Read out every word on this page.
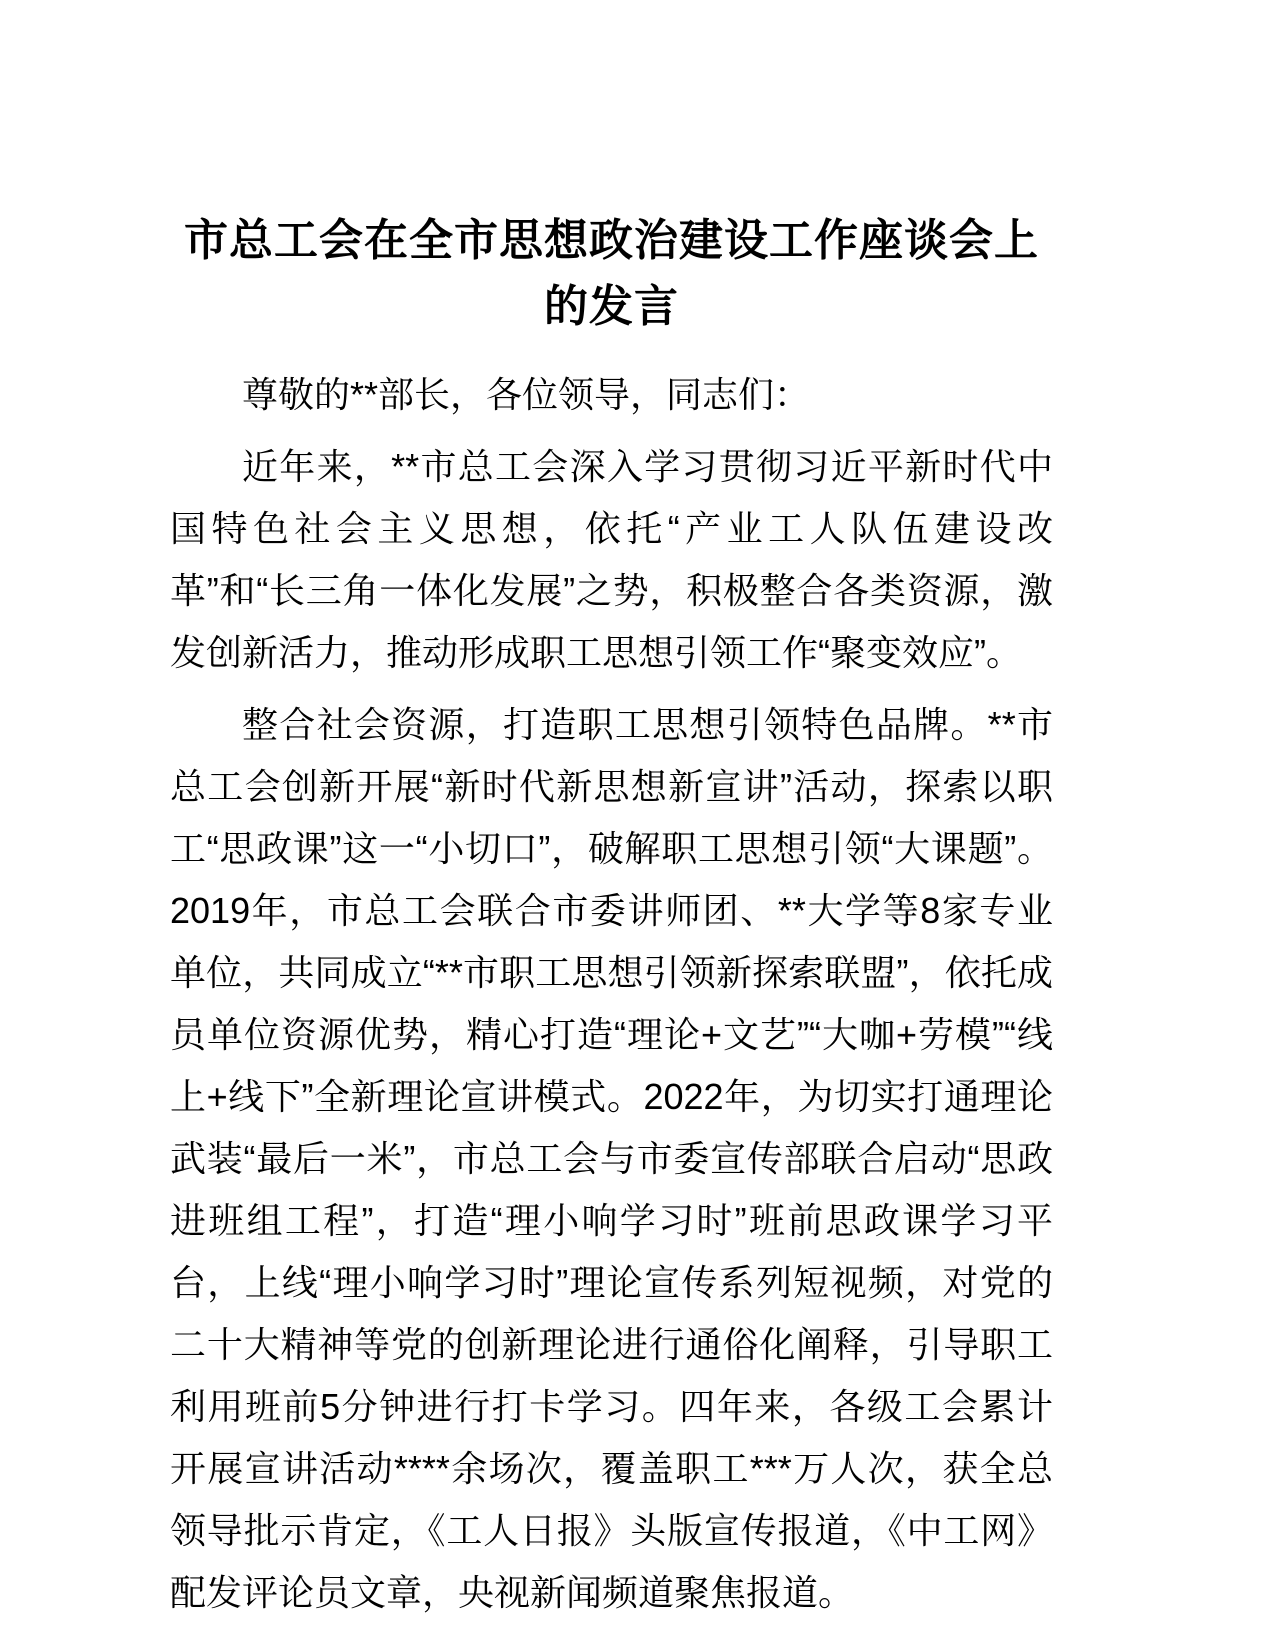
市总工会在全市思想政治建设工作座谈会上的发言

尊敬的**部长，各位领导，同志们：

近年来，**市总工会深入学习贯彻习近平新时代中国特色社会主义思想，依托“产业工人队伍建设改革”和“长三角一体化发展”之势，积极整合各类资源，激发创新活力，推动形成职工思想引领工作“聚变效应”。

整合社会资源，打造职工思想引领特色品牌。**市总工会创新开展“新时代新思想新宣讲”活动，探索以职工“思政课”这一“小切口”，破解职工思想引领“大课题”。2019年，市总工会联合市委讲师团、**大学等8家专业单位，共同成立“**市职工思想引领新探索联盟”，依托成员单位资源优势，精心打造“理论+文艺”“大咖+劳模”“线上+线下”全新理论宣讲模式。2022年，为切实打通理论武装“最后一米”，市总工会与市委宣传部联合启动“思政进班组工程”，打造“理小响学习时”班前思政课学习平台，上线“理小响学习时”理论宣传系列短视频，对党的二十大精神等党的创新理论进行通俗化阐释，引导职工利用班前5分钟进行打卡学习。四年来，各级工会累计开展宣讲活动****余场次，覆盖职工***万人次，获全总领导批示肯定，《工人日报》头版宣传报道，《中工网》配发评论员文章，央视新闻频道聚焦报道。
